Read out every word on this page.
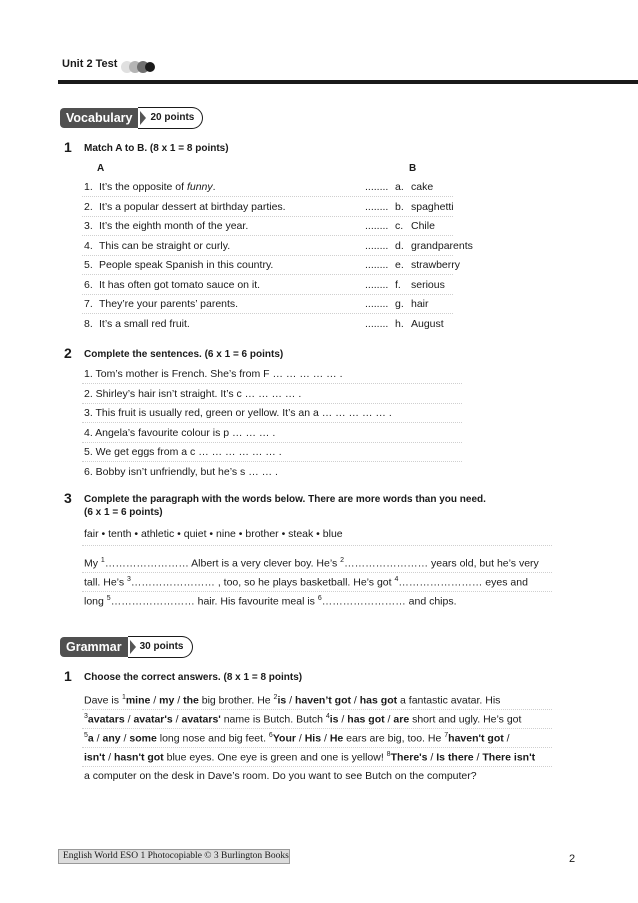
Unit 2 Test
Vocabulary	20 points
1 Match A to B. (8 x 1 = 8 points)
A	B
1. It’s the opposite of funny.	........ a. cake
2. It’s a popular dessert at birthday parties.	........ b. spaghetti
3. It’s the eighth month of the year.	........ c. Chile
4. This can be straight or curly.	........ d. grandparents
5. People speak Spanish in this country.	........ e. strawberry
6. It has often got tomato sauce on it.	........ f. serious
7. They’re your parents’ parents.	........ g. hair
8. It’s a small red fruit.	........ h. August
2 Complete the sentences. (6 x 1 = 6 points)
1. Tom’s mother is French. She’s from F … … … … … .
2. Shirley’s hair isn’t straight. It’s c … … … … .
3. This fruit is usually red, green or yellow. It’s an a … … … … … .
4. Angela’s favourite colour is p … … … .
5. We get eggs from a c … … … … … … .
6. Bobby isn’t unfriendly, but he’s s … … .
3 Complete the paragraph with the words below. There are more words than you need.
(6 x 1 = 6 points)
fair • tenth • athletic • quiet • nine • brother • steak • blue
My $^1$…………………… Albert is a very clever boy. He’s $^2$…………………… years old, but he’s very
tall. He’s $^3$…………………… , too, so he plays basketball. He’s got $^4$…………………… eyes and
long $^5$…………………… hair. His favourite meal is $^6$…………………… and chips.
Grammar	30 points
1 Choose the correct answers. (8 x 1 = 8 points)
Dave is $^1$mine / my / the big brother. He $^2$is / haven’t got / has got a fantastic avatar. His
$^3$avatars / avatar's / avatars' name is Butch. Butch $^4$is / has got / are short and ugly. He’s got
$^5$a / any / some long nose and big feet. $^6$Your / His / He ears are big, too. He $^7$haven't got /
isn't / hasn't got blue eyes. One eye is green and one is yellow! $^8$There's / Is there / There isn't
a computer on the desk in Dave’s room. Do you want to see Butch on the computer?
English World ESO 1 Photocopiable © 3 Burlington Books	2
